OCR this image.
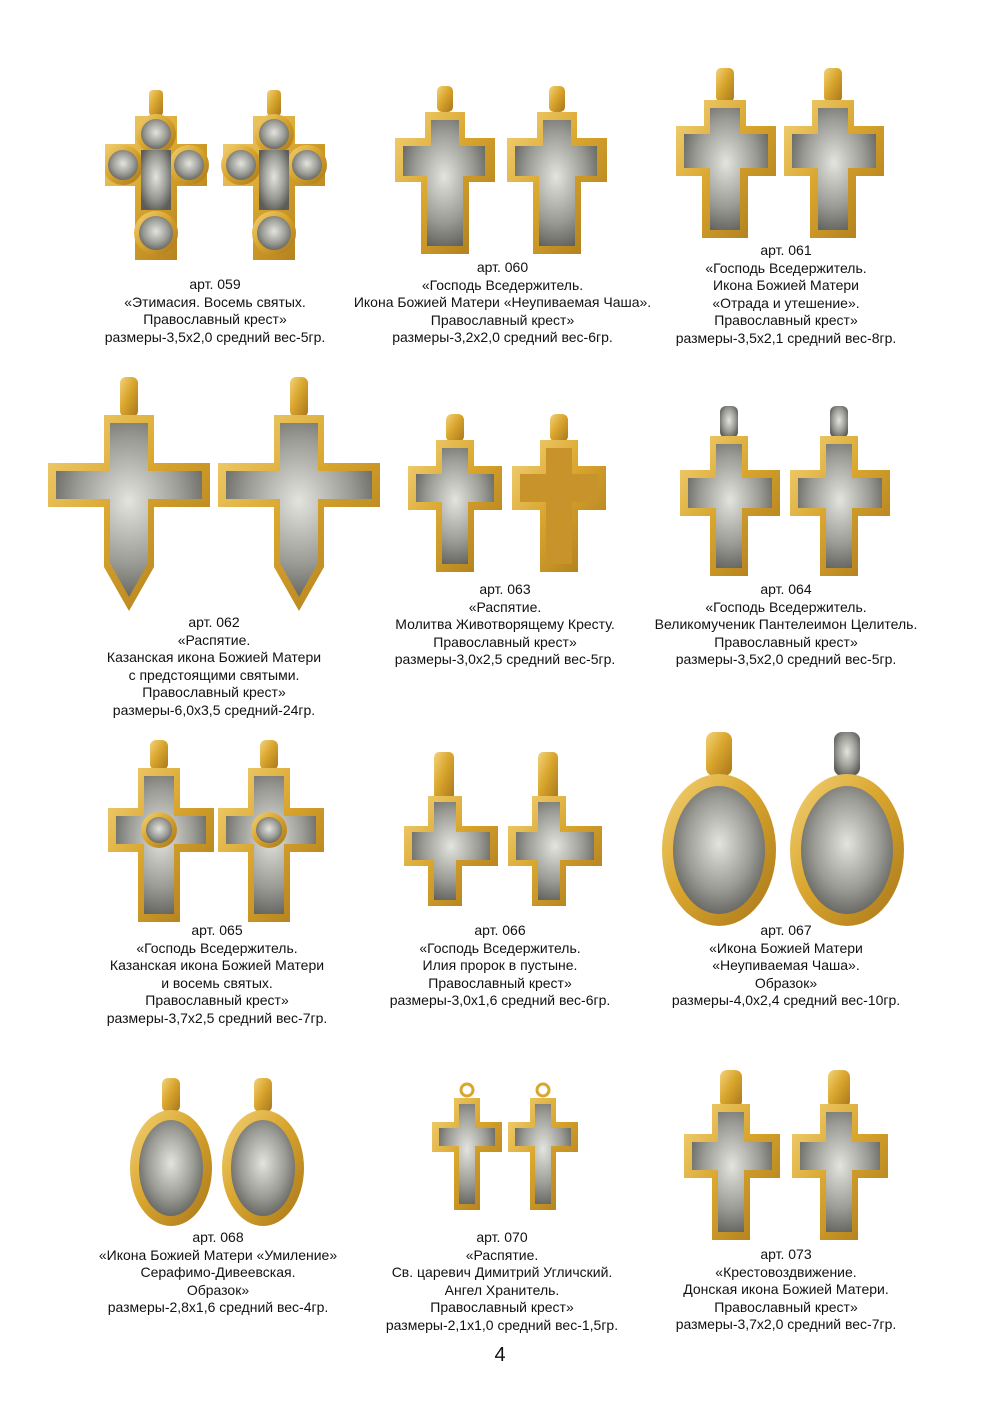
арт. 059
«Этимасия. Восемь святых.
Православный крест»
размеры-3,5x2,0 средний вес-5гр.
арт. 060
«Господь Вседержитель.
Икона Божией Матери «Неупиваемая Чаша».
Православный крест»
размеры-3,2x2,0 средний вес-6гр.
арт. 061
«Господь Вседержитель.
Икона Божией Матери
«Отрада и утешение».
Православный крест»
размеры-3,5x2,1 средний вес-8гр.
арт. 062
«Распятие.
Казанская икона Божией Матери
с предстоящими святыми.
Православный крест»
размеры-6,0x3,5 средний-24гр.
арт. 063
«Распятие.
Молитва Животворящему Кресту.
Православный крест»
размеры-3,0x2,5 средний вес-5гр.
арт. 064
«Господь Вседержитель.
Великомученик Пантелеимон Целитель.
Православный крест»
размеры-3,5x2,0 средний вес-5гр.
арт. 065
«Господь Вседержитель.
Казанская икона Божией Матери
и восемь святых.
Православный крест»
размеры-3,7x2,5 средний вес-7гр.
арт. 066
«Господь Вседержитель.
Илия пророк в пустыне.
Православный крест»
размеры-3,0x1,6 средний вес-6гр.
арт. 067
«Икона Божией Матери
«Неупиваемая Чаша».
Образок»
размеры-4,0x2,4 средний вес-10гр.
арт. 068
«Икона Божией Матери «Умиление»
Серафимо-Дивеевская.
Образок»
размеры-2,8x1,6 средний вес-4гр.
арт. 070
«Распятие.
Св. царевич Димитрий Угличский.
Ангел Хранитель.
Православный крест»
размеры-2,1x1,0 средний вес-1,5гр.
арт. 073
«Крестовоздвижение.
Донская икона Божией Матери.
Православный крест»
размеры-3,7x2,0 средний вес-7гр.
4
